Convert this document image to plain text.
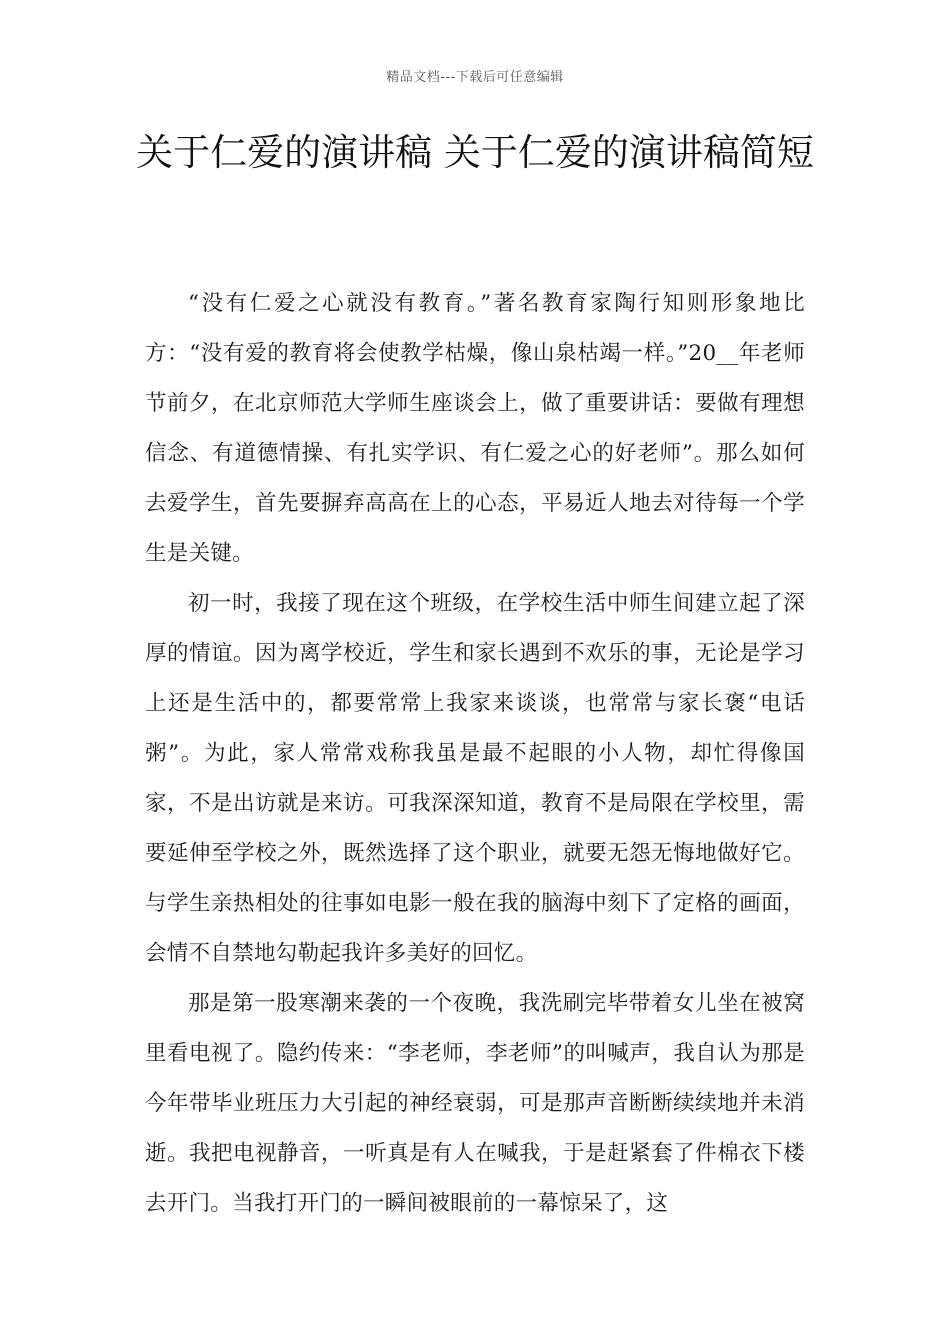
精品文档---下载后可任意编辑
关于仁爱的演讲稿 关于仁爱的演讲稿简短

“没有仁爱之心就没有教育。”著名教育家陶行知则形象地比方：“没有爱的教育将会使教学枯燥，像山泉枯竭一样。”20__年老师节前夕，在北京师范大学师生座谈会上，做了重要讲话：要做有理想信念、有道德情操、有扎实学识、有仁爱之心的好老师”。那么如何去爱学生，首先要摒弃高高在上的心态，平易近人地去对待每一个学生是关键。

初一时，我接了现在这个班级，在学校生活中师生间建立起了深厚的情谊。因为离学校近，学生和家长遇到不欢乐的事，无论是学习上还是生活中的，都要常常上我家来谈谈，也常常与家长褒“电话粥”。为此，家人常常戏称我虽是最不起眼的小人物，却忙得像国家，不是出访就是来访。可我深深知道，教育不是局限在学校里，需要延伸至学校之外，既然选择了这个职业，就要无怨无悔地做好它。与学生亲热相处的往事如电影一般在我的脑海中刻下了定格的画面，会情不自禁地勾勒起我许多美好的回忆。

那是第一股寒潮来袭的一个夜晚，我洗刷完毕带着女儿坐在被窝里看电视了。隐约传来：“李老师，李老师”的叫喊声，我自认为那是今年带毕业班压力大引起的神经衰弱，可是那声音断断续续地并未消逝。我把电视静音，一听真是有人在喊我，于是赶紧套了件棉衣下楼去开门。当我打开门的一瞬间被眼前的一幕惊呆了，这
